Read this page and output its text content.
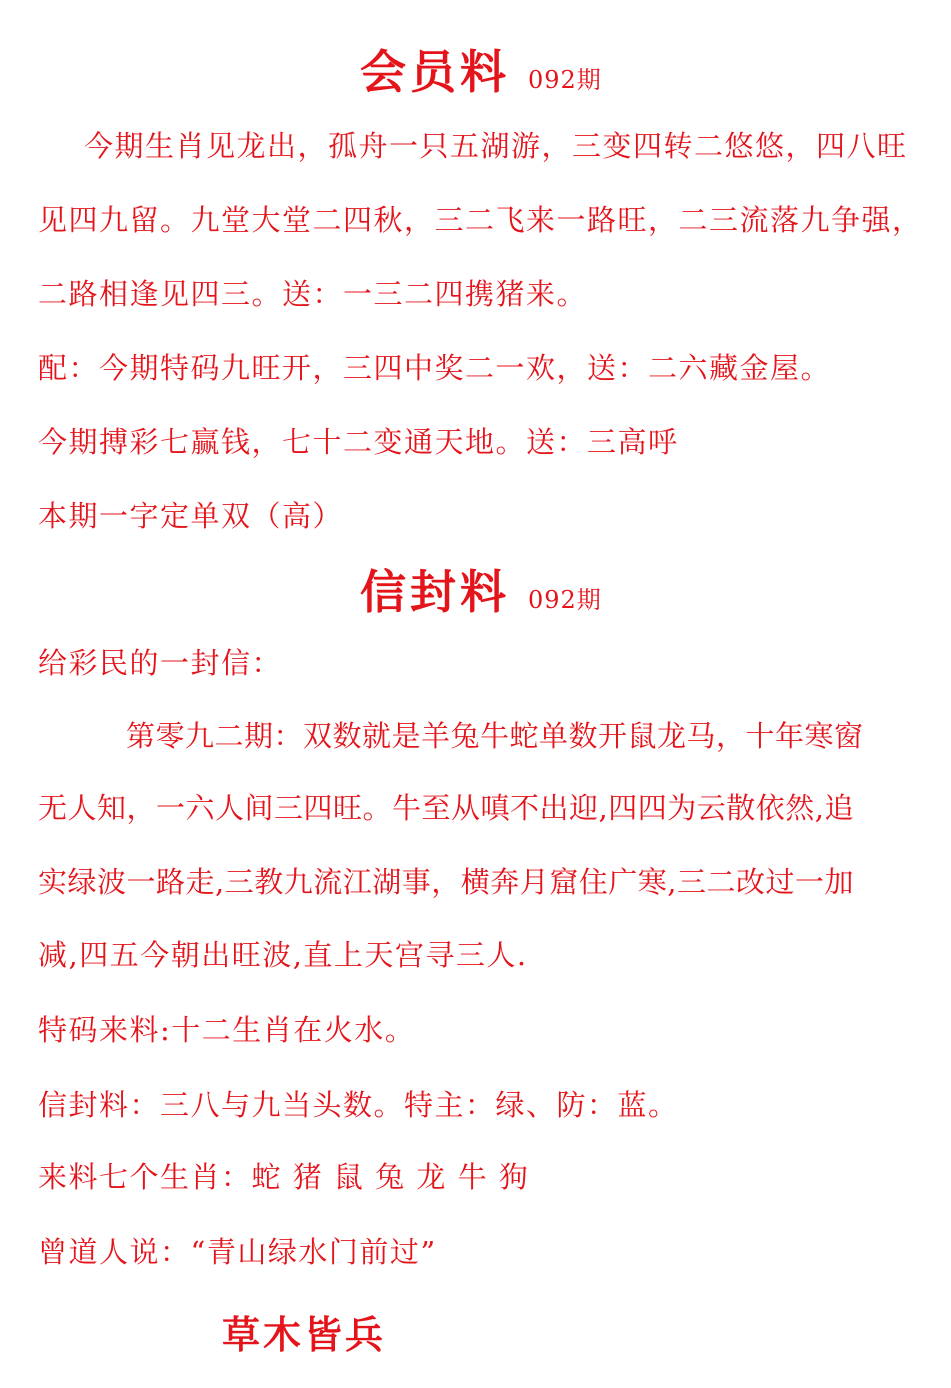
会员料 092期
今期生肖见龙出，孤舟一只五湖游，三变四转二悠悠，四八旺
见四九留。九堂大堂二四秋，三二飞来一路旺，二三流落九争强，
二路相逢见四三。送：一三二四携猪来。
配：今期特码九旺开，三四中奖二一欢，送：二六藏金屋。
今期搏彩七赢钱，七十二变通天地。送：三高呼
本期一字定单双（高）
信封料 092期
给彩民的一封信：
第零九二期：双数就是羊兔牛蛇单数开鼠龙马，十年寒窗
无人知，一六人间三四旺。牛至从嗔不出迎,四四为云散依然,追
实绿波一路走,三教九流江湖事，横奔月窟住广寒,三二改过一加
减,四五今朝出旺波,直上天宫寻三人.
特码来料:十二生肖在火水。
信封料：三八与九当头数。特主：绿、防：蓝。
来料七个生肖：蛇 猪 鼠 兔 龙 牛 狗
曾道人说：“青山绿水门前过”
草木皆兵
